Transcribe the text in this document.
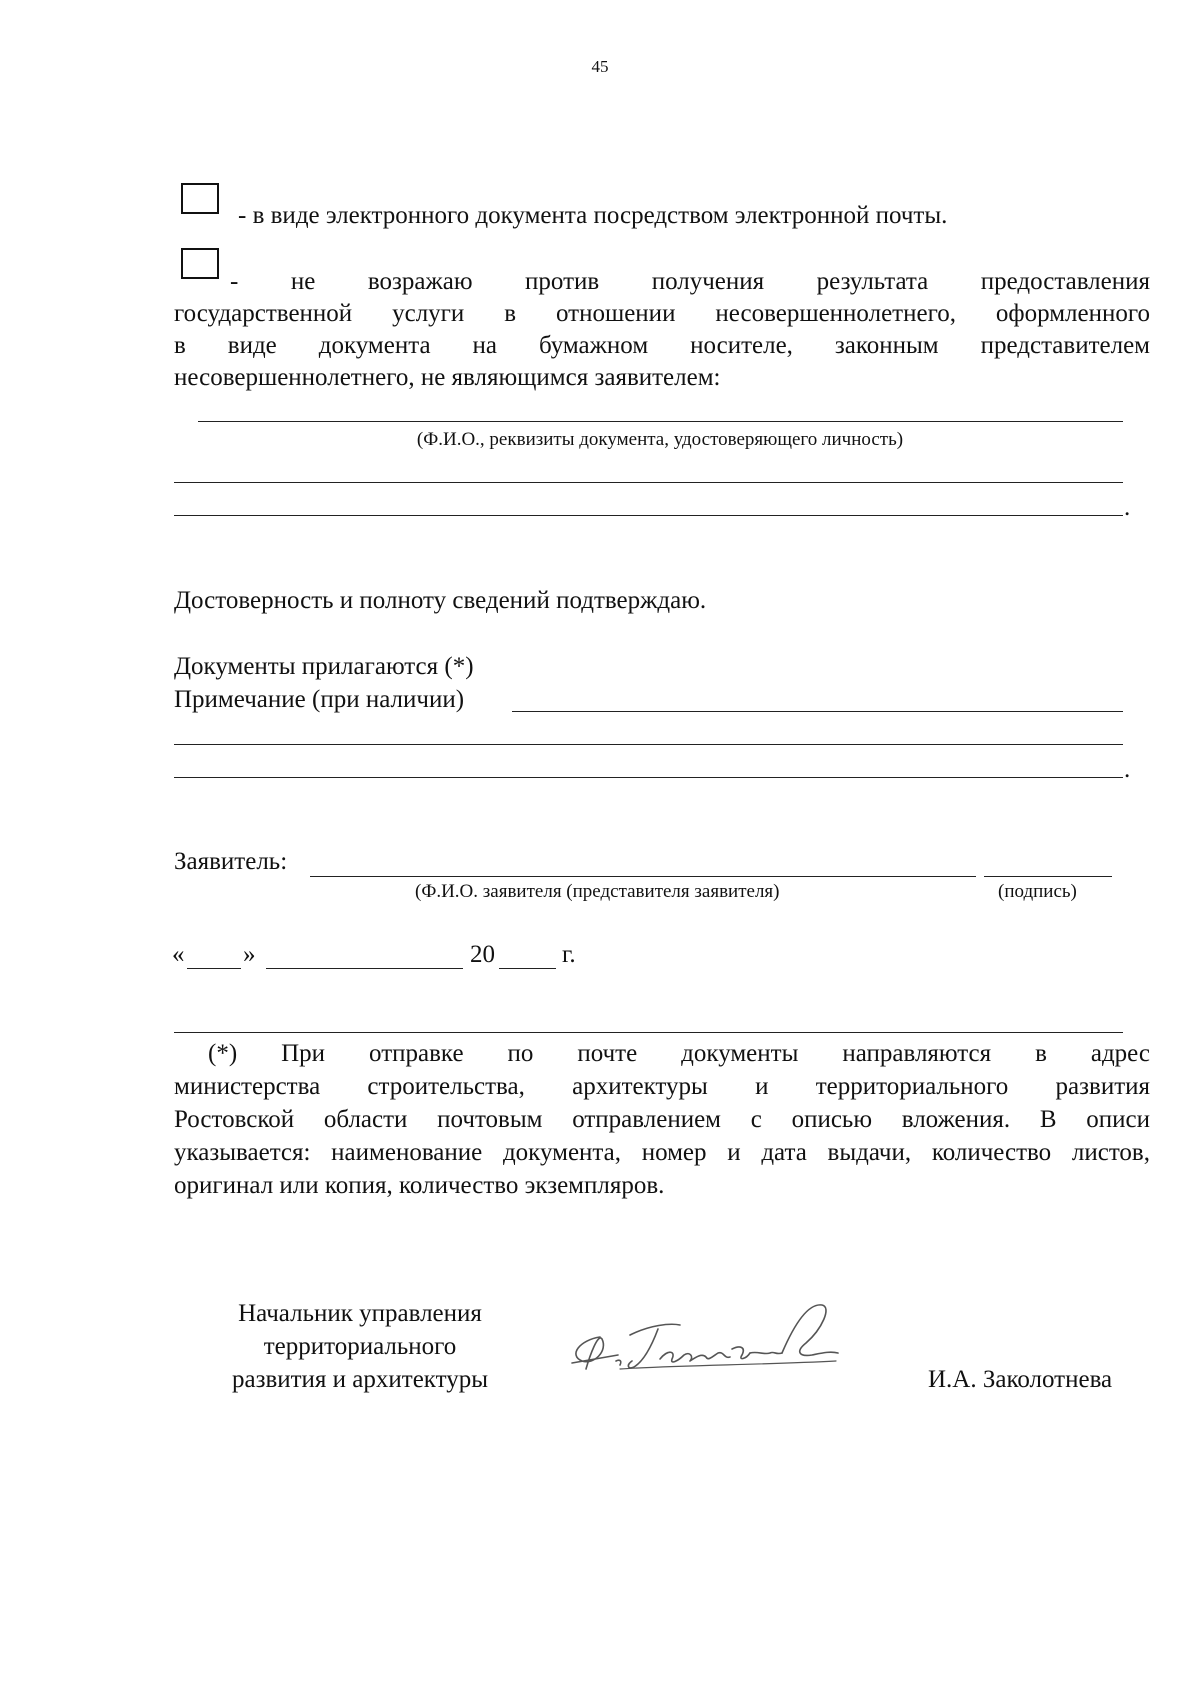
45
- в виде электронного документа посредством электронной почты.
- не возражаю против получения результата предоставления
государственной услуги в отношении несовершеннолетнего, оформленного
в виде документа на бумажном носителе, законным представителем
несовершеннолетнего, не являющимся заявителем:
(Ф.И.О., реквизиты документа, удостоверяющего личность)
.
Достоверность и полноту сведений подтверждаю.
Документы прилагаются (*)
Примечание (при наличии)
.
Заявитель:
(Ф.И.О. заявителя (представителя заявителя)	(подпись)
« »	20	г.
(*) При отправке по почте документы направляются в адрес
министерства строительства, архитектуры и территориального развития
Ростовской области почтовым отправлением с описью вложения. В описи
указывается: наименование документа, номер и дата выдачи, количество листов,
оригинал или копия, количество экземпляров.
Начальник управления
территориального
развития и архитектуры	И.А. Заколотнева
